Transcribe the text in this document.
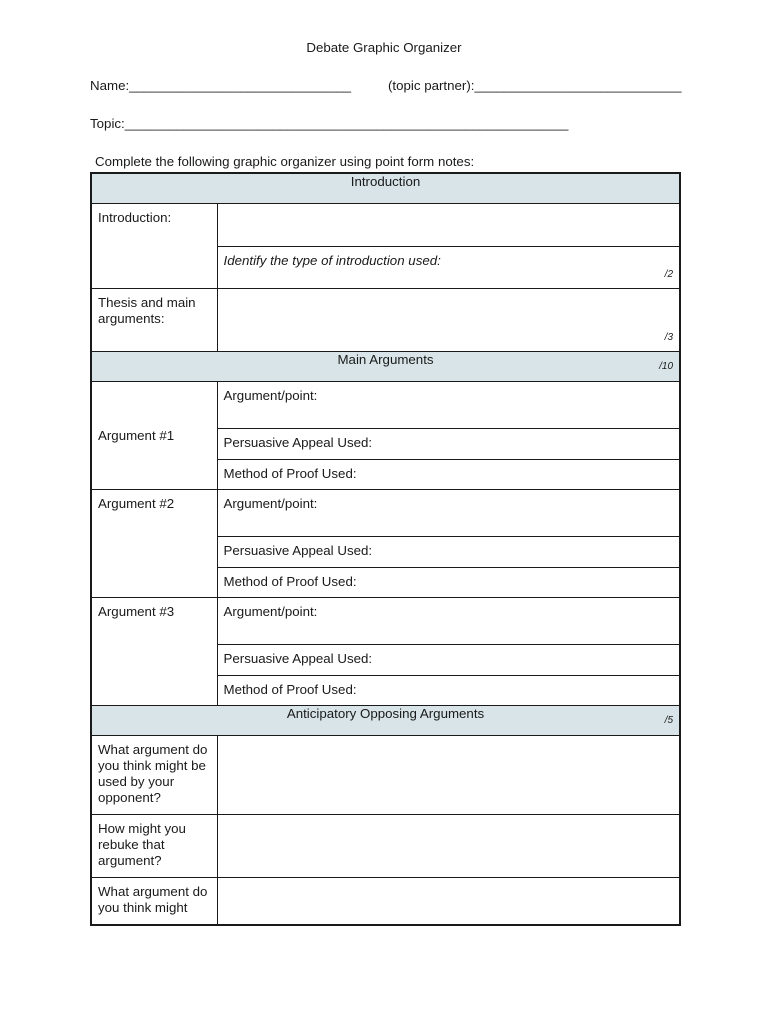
Debate Graphic Organizer
Name:______________________________	(topic partner):____________________________
Topic:____________________________________________________________
Complete the following graphic organizer using point form notes:
Introduction	

Introduction:	

	Identify the type of introduction used:
/2

Thesis and main arguments:	/3

Main Arguments /10	

Argument #1	Argument/point:

	Persuasive Appeal Used:

	Method of Proof Used:

Argument #2	Argument/point:

	Persuasive Appeal Used:

	Method of Proof Used:

Argument #3	Argument/point:

	Persuasive Appeal Used:

	Method of Proof Used:

Anticipatory Opposing Arguments /5	

What argument do you think might be used by your opponent?	

How might you rebuke that argument?	

What argument do you think might	
